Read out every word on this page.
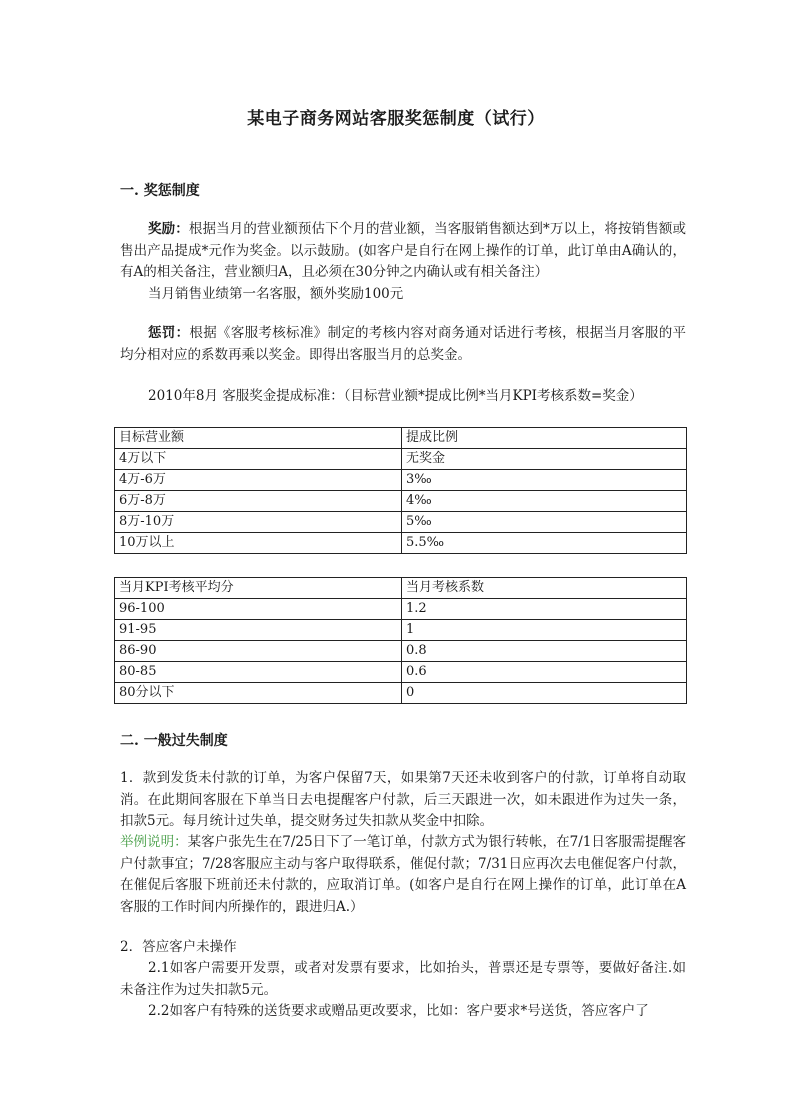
某电子商务网站客服奖惩制度（试行）
一. 奖惩制度
奖励：根据当月的营业额预估下个月的营业额，当客服销售额达到*万以上，将按销售额或售出产品提成*元作为奖金。以示鼓励。(如客户是自行在网上操作的订单，此订单由A确认的，有A的相关备注，营业额归A，且必须在30分钟之内确认或有相关备注）
当月销售业绩第一名客服，额外奖励100元
惩罚：根据《客服考核标准》制定的考核内容对商务通对话进行考核，根据当月客服的平均分相对应的系数再乘以奖金。即得出客服当月的总奖金。
2010年8月 客服奖金提成标准：（目标营业额*提成比例*当月KPI考核系数=奖金）
目标营业额	提成比例
4万以下	无奖金
4万-6万	3‰
6万-8万	4‰
8万-10万	5‰
10万以上	5.5‰
当月KPI考核平均分	当月考核系数
96-100	1.2
91-95	1
86-90	0.8
80-85	0.6
80分以下	0
二. 一般过失制度
1．款到发货未付款的订单，为客户保留7天，如果第7天还未收到客户的付款，订单将自动取消。在此期间客服在下单当日去电提醒客户付款，后三天跟进一次，如未跟进作为过失一条，扣款5元。每月统计过失单，提交财务过失扣款从奖金中扣除。
举例说明：某客户张先生在7/25日下了一笔订单，付款方式为银行转帐，在7/1日客服需提醒客户付款事宜；7/28客服应主动与客户取得联系，催促付款；7/31日应再次去电催促客户付款，在催促后客服下班前还未付款的，应取消订单。(如客户是自行在网上操作的订单，此订单在A客服的工作时间内所操作的，跟进归A.）
2．答应客户未操作
2.1如客户需要开发票，或者对发票有要求，比如抬头，普票还是专票等，要做好备注.如未备注作为过失扣款5元。
2.2如客户有特殊的送货要求或赠品更改要求，比如：客户要求*号送货，答应客户了
